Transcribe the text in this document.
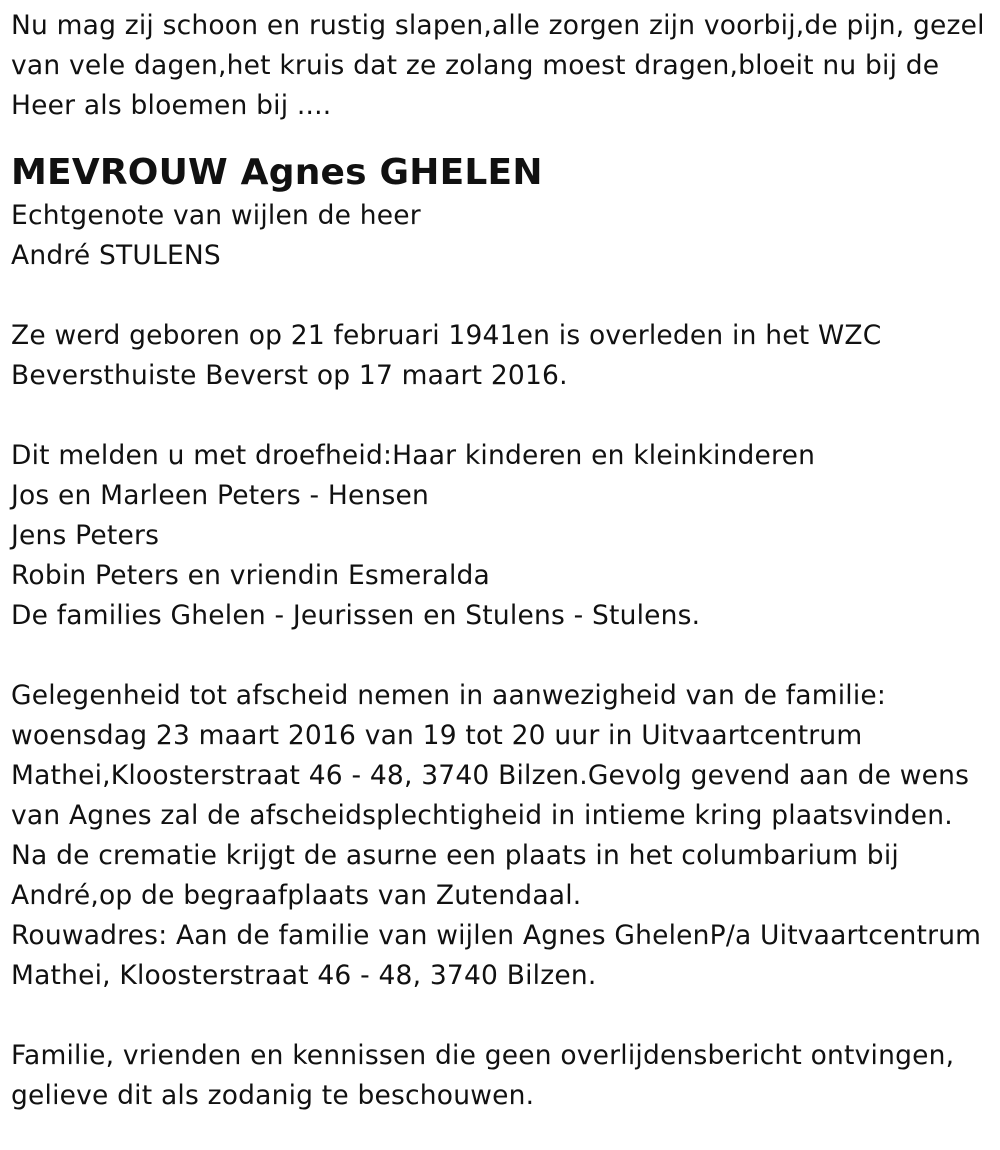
Nu mag zij schoon en rustig slapen,alle zorgen zijn voorbij,de pijn, gezel
van vele dagen,het kruis dat ze zolang moest dragen,bloeit nu bij de
Heer als bloemen bij ....
MEVROUW Agnes GHELEN
Echtgenote van wijlen de heer
André STULENS
Ze werd geboren op 21 februari 1941en is overleden in het WZC
Beversthuiste Beverst op 17 maart 2016.
Dit melden u met droefheid:Haar kinderen en kleinkinderen
Jos en Marleen Peters - Hensen
Jens Peters
Robin Peters en vriendin Esmeralda
De families Ghelen - Jeurissen en Stulens - Stulens.
Gelegenheid tot afscheid nemen in aanwezigheid van de familie:
woensdag 23 maart 2016 van 19 tot 20 uur in Uitvaartcentrum
Mathei,Kloosterstraat 46 - 48, 3740 Bilzen.Gevolg gevend aan de wens
van Agnes zal de afscheidsplechtigheid in intieme kring plaatsvinden.
Na de crematie krijgt de asurne een plaats in het columbarium bij
André,op de begraafplaats van Zutendaal.
Rouwadres: Aan de familie van wijlen Agnes GhelenP/a Uitvaartcentrum
Mathei, Kloosterstraat 46 - 48, 3740 Bilzen.
Familie, vrienden en kennissen die geen overlijdensbericht ontvingen,
gelieve dit als zodanig te beschouwen.
